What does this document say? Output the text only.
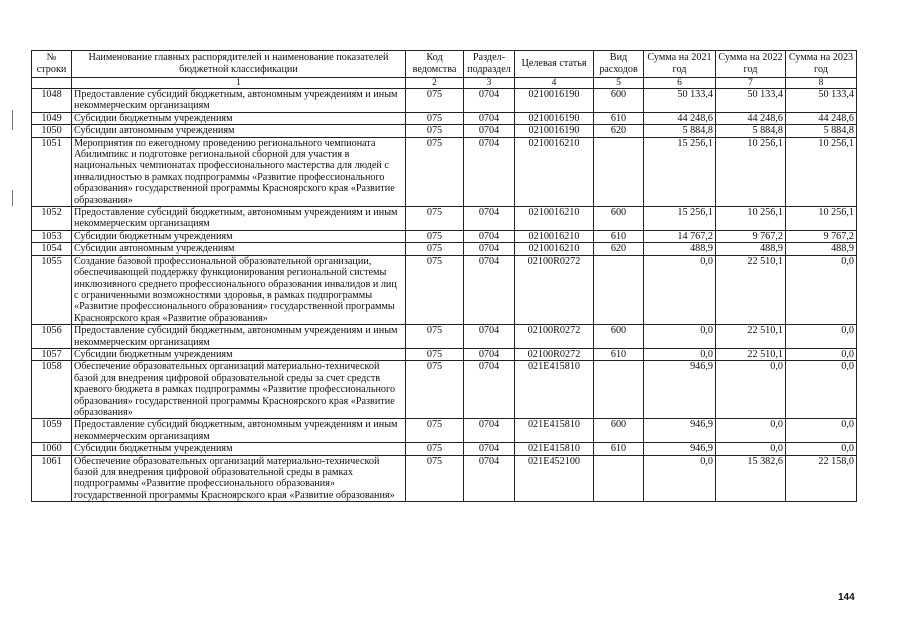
№ строки	Наименование главных распорядителей и наименование показателей бюджетной классификации	Код ведомства	Раздел-подраздел	Целевая статья	Вид расходов	Сумма на 2021 год	Сумма на 2022 год	Сумма на 2023 год
	1	2	3	4	5	6	7	8
1048	Предоставление субсидий бюджетным, автономным учреждениям и иным некоммерческим организациям	075	0704	0210016190	600	50 133,4	50 133,4	50 133,4
1049	Субсидии бюджетным учреждениям	075	0704	0210016190	610	44 248,6	44 248,6	44 248,6
1050	Субсидии автономным учреждениям	075	0704	0210016190	620	5 884,8	5 884,8	5 884,8
1051	Мероприятия по ежегодному проведению регионального чемпионата Абилимпикс и подготовке региональной сборной для участия в национальных чемпионатах профессионального мастерства для людей с инвалидностью в рамках подпрограммы «Развитие профессионального образования» государственной программы Красноярского края «Развитие образования»	075	0704	0210016210		15 256,1	10 256,1	10 256,1
1052	Предоставление субсидий бюджетным, автономным учреждениям и иным некоммерческим организациям	075	0704	0210016210	600	15 256,1	10 256,1	10 256,1
1053	Субсидии бюджетным учреждениям	075	0704	0210016210	610	14 767,2	9 767,2	9 767,2
1054	Субсидии автономным учреждениям	075	0704	0210016210	620	488,9	488,9	488,9
1055	Создание базовой профессиональной образовательной организации, обеспечивающей поддержку функционирования региональной системы инклюзивного среднего профессионального образования инвалидов и лиц с ограниченными возможностями здоровья, в рамках подпрограммы «Развитие профессионального образования» государственной программы Красноярского края «Развитие образования»	075	0704	02100R0272		0,0	22 510,1	0,0
1056	Предоставление субсидий бюджетным, автономным учреждениям и иным некоммерческим организациям	075	0704	02100R0272	600	0,0	22 510,1	0,0
1057	Субсидии бюджетным учреждениям	075	0704	02100R0272	610	0,0	22 510,1	0,0
1058	Обеспечение образовательных организаций материально-технической базой для внедрения цифровой образовательной среды за счет средств краевого бюджета в рамках подпрограммы «Развитие профессионального образования» государственной программы Красноярского края «Развитие образования»	075	0704	021E415810		946,9	0,0	0,0
1059	Предоставление субсидий бюджетным, автономным учреждениям и иным некоммерческим организациям	075	0704	021E415810	600	946,9	0,0	0,0
1060	Субсидии бюджетным учреждениям	075	0704	021E415810	610	946,9	0,0	0,0
1061	Обеспечение образовательных организаций материально-технической базой для внедрения цифровой образовательной среды в рамках подпрограммы «Развитие профессионального образования» государственной программы Красноярского края «Развитие образования»	075	0704	021E452100		0,0	15 382,6	22 158,0
144
